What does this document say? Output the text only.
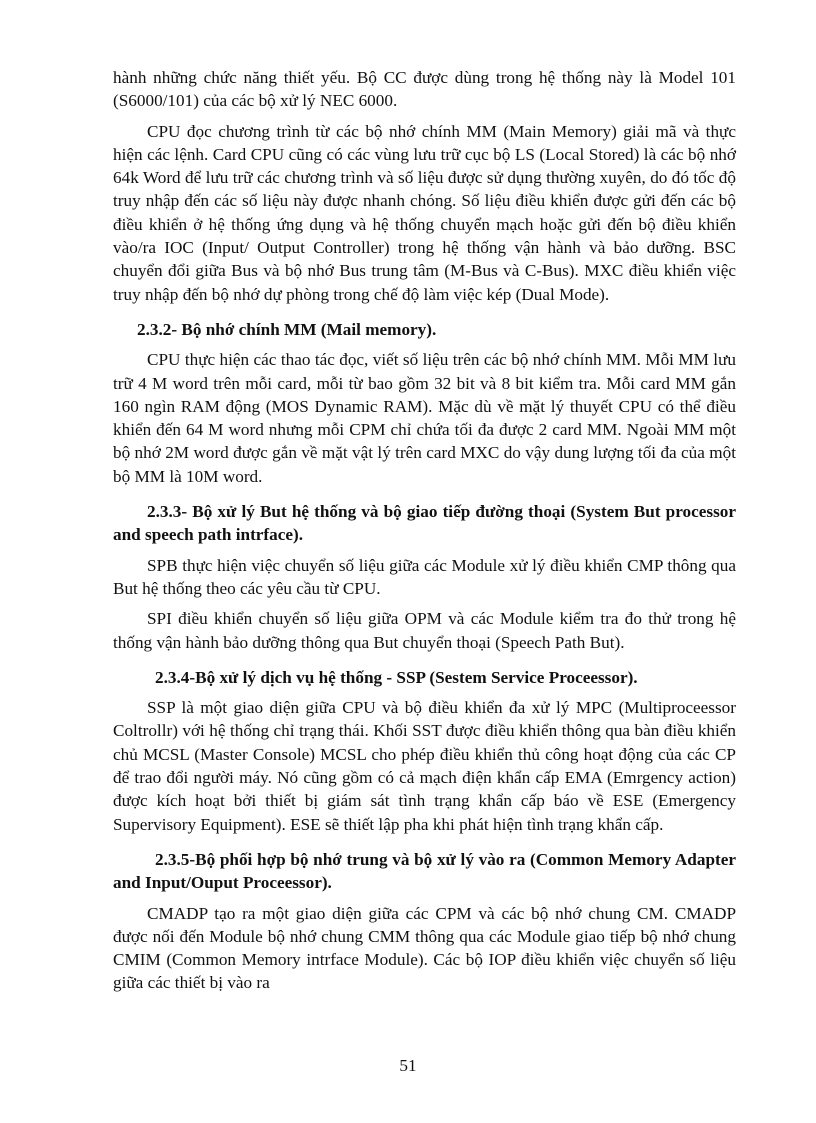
hành những chức năng thiết yếu. Bộ CC được dùng trong hệ thống này là Model 101 (S6000/101) của các bộ xử lý NEC 6000.

CPU đọc chương trình từ các bộ nhớ chính MM (Main Memory) giải mã và thực hiện các lệnh. Card CPU cũng có các vùng lưu trữ cục bộ LS (Local Stored) là các bộ nhớ 64k Word để lưu trữ các chương trình và số liệu được sử dụng thường xuyên, do đó tốc độ truy nhập đến các số liệu này được nhanh chóng. Số liệu điều khiển được gửi đến các bộ điều khiển ở hệ thống ứng dụng và hệ thống chuyển mạch hoặc gửi đến bộ điều khiển vào/ra IOC (Input/ Output Controller) trong hệ thống vận hành và bảo dưỡng. BSC chuyển đổi giữa Bus và bộ nhớ Bus trung tâm (M-Bus và C-Bus). MXC điều khiển việc truy nhập đến bộ nhớ dự phòng trong chế độ làm việc kép (Dual Mode).

2.3.2- Bộ nhớ chính MM (Mail memory).

CPU thực hiện các thao tác đọc, viết số liệu trên các bộ nhớ chính MM. Mỗi MM lưu trữ 4 M word trên mỗi card, mỗi từ bao gồm 32 bit và 8 bit kiểm tra. Mỗi card MM gắn 160 ngìn RAM động (MOS Dynamic RAM). Mặc dù về mặt lý thuyết CPU có thể điều khiển đến 64 M word nhưng mỗi CPM chỉ chứa tối đa được 2 card MM. Ngoài MM một bộ nhớ 2M word được gắn về mặt vật lý trên card MXC do vậy dung lượng tối đa của một bộ MM là 10M word.

2.3.3- Bộ xử lý But hệ thống và bộ giao tiếp đường thoại (System But processor and speech path intrface).

SPB thực hiện việc chuyển số liệu giữa các Module xử lý điều khiển CMP thông qua But hệ thống theo các yêu cầu từ CPU.

SPI điều khiển chuyển số liệu giữa OPM và các Module kiểm tra đo thử trong hệ thống vận hành bảo dưỡng thông qua But chuyển thoại (Speech Path But).

2.3.4-Bộ xử lý dịch vụ hệ thống - SSP (Sestem Service Proceessor).

SSP là một giao diện giữa CPU và bộ điều khiển đa xử lý MPC (Multiproceessor Coltrollr) với hệ thống chỉ trạng thái. Khối SST được điều khiển thông qua bàn điều khiển chủ MCSL (Master Console) MCSL cho phép điều khiển thủ công hoạt động của các CP để trao đổi người máy. Nó cũng gồm có cả mạch điện khẩn cấp EMA (Emrgency action) được kích hoạt bởi thiết bị giám sát tình trạng khẩn cấp báo về ESE (Emergency Supervisory Equipment). ESE sẽ thiết lập pha khi phát hiện tình trạng khẩn cấp.

2.3.5-Bộ phối hợp bộ nhớ trung và bộ xử lý vào ra (Common Memory Adapter and Input/Ouput Proceessor).

CMADP tạo ra một giao diện giữa các CPM và các bộ nhớ chung CM. CMADP được nối đến Module bộ nhớ chung CMM thông qua các Module giao tiếp bộ nhớ chung CMIM (Common Memory intrface Module). Các bộ IOP điều khiển việc chuyển số liệu giữa các thiết bị vào ra

51
